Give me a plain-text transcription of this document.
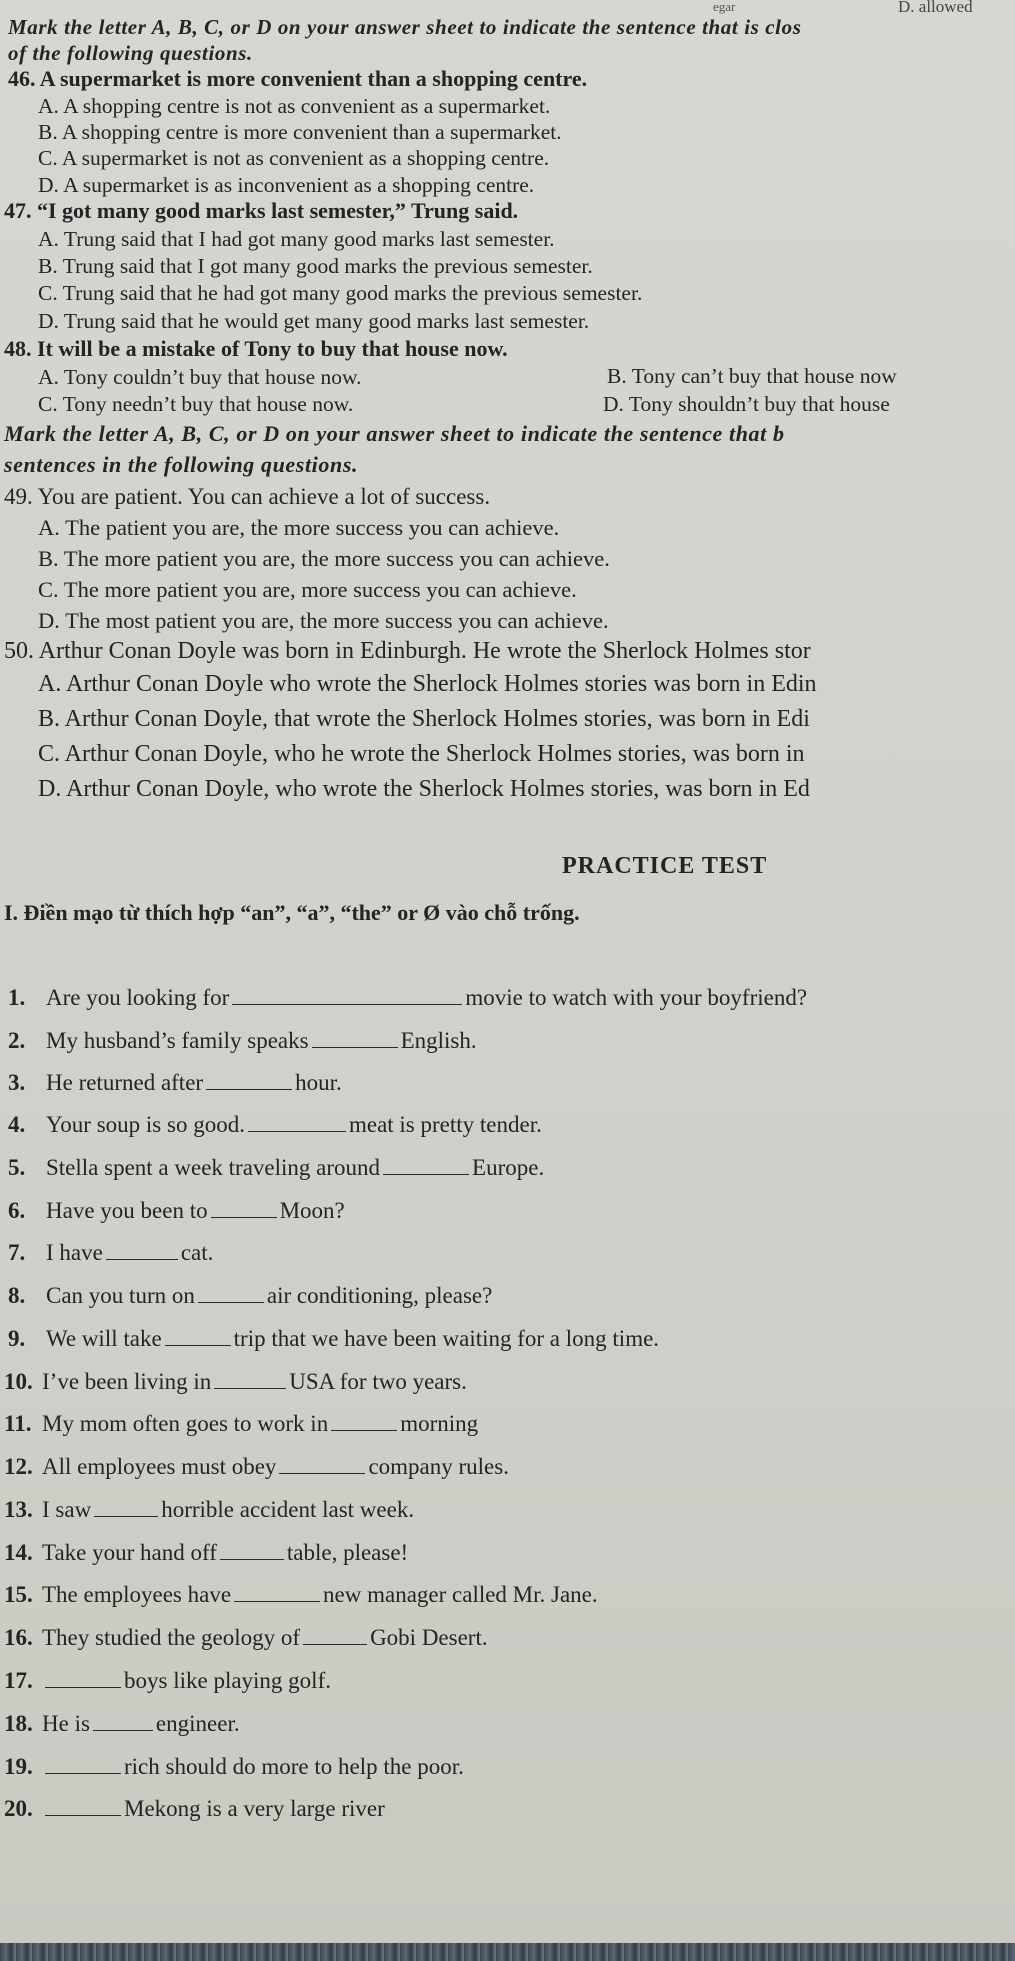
egar	D. allowed
Mark the letter A, B, C, or D on your answer sheet to indicate the sentence that is clos
of the following questions.
46. A supermarket is more convenient than a shopping centre.
A. A shopping centre is not as convenient as a supermarket.
B. A shopping centre is more convenient than a supermarket.
C. A supermarket is not as convenient as a shopping centre.
D. A supermarket is as inconvenient as a shopping centre.
47. “I got many good marks last semester,” Trung said.
A. Trung said that I had got many good marks last semester.
B. Trung said that I got many good marks the previous semester.
C. Trung said that he had got many good marks the previous semester.
D. Trung said that he would get many good marks last semester.
48. It will be a mistake of Tony to buy that house now.
A. Tony couldn’t buy that house now.	B. Tony can’t buy that house now
C. Tony needn’t buy that house now.	D. Tony shouldn’t buy that house
Mark the letter A, B, C, or D on your answer sheet to indicate the sentence that b
sentences in the following questions.
49. You are patient. You can achieve a lot of success.
A. The patient you are, the more success you can achieve.
B. The more patient you are, the more success you can achieve.
C. The more patient you are, more success you can achieve.
D. The most patient you are, the more success you can achieve.
50. Arthur Conan Doyle was born in Edinburgh. He wrote the Sherlock Holmes stor
A. Arthur Conan Doyle who wrote the Sherlock Holmes stories was born in Edin
B. Arthur Conan Doyle, that wrote the Sherlock Holmes stories, was born in Edi
C. Arthur Conan Doyle, who he wrote the Sherlock Holmes stories, was born in
D. Arthur Conan Doyle, who wrote the Sherlock Holmes stories, was born in Ed
PRACTICE TEST
I. Điền mạo từ thích hợp “an”, “a”, “the” or Ø vào chỗ trống.
1. Are you looking for	movie to watch with your boyfriend?
2. My husband’s family speaks	English.
3. He returned after	hour.
4. Your soup is so good.	meat is pretty tender.
5. Stella spent a week traveling around	Europe.
6. Have you been to	Moon?
7. I have	cat.
8. Can you turn on	air conditioning, please?
9. We will take	trip that we have been waiting for a long time.
10. I’ve been living in	USA for two years.
11. My mom often goes to work in	morning
12. All employees must obey	company rules.
13. I saw	horrible accident last week.
14. Take your hand off	table, please!
15. The employees have	new manager called Mr. Jane.
16. They studied the geology of	Gobi Desert.
17.	boys like playing golf.
18. He is	engineer.
19.	rich should do more to help the poor.
20.	Mekong is a very large river
